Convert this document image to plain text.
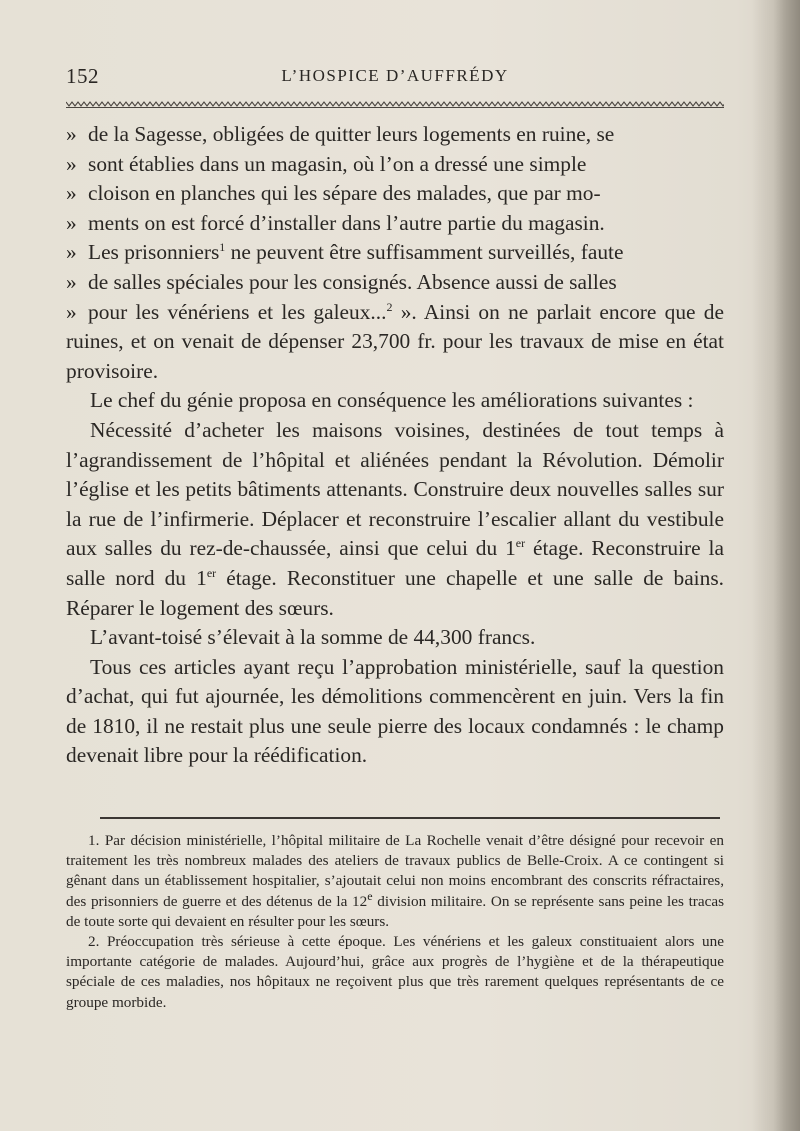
152	L’HOSPICE D’AUFFRÉDY

» de la Sagesse, obligées de quitter leurs logements en ruine, se
» sont établies dans un magasin, où l’on a dressé une simple
» cloison en planches qui les sépare des malades, que par mo-
» ments on est forcé d’installer dans l’autre partie du magasin.
» Les prisonniers$^1$ ne peuvent être suffisamment surveillés, faute
» de salles spéciales pour les consignés. Absence aussi de salles
» pour les vénériens et les galeux...$^2$ ». Ainsi on ne parlait encore que de ruines, et on venait de dépenser 23,700 fr. pour les travaux de mise en état provisoire.

Le chef du génie proposa en conséquence les améliorations suivantes :

Nécessité d’acheter les maisons voisines, destinées de tout temps à l’agrandissement de l’hôpital et aliénées pendant la Révolution. Démolir l’église et les petits bâtiments attenants. Construire deux nouvelles salles sur la rue de l’infirmerie. Déplacer et reconstruire l’escalier allant du vestibule aux salles du rez-de-chaussée, ainsi que celui du 1er étage. Reconstruire la salle nord du 1er étage. Reconstituer une chapelle et une salle de bains. Réparer le logement des sœurs.

L’avant-toisé s’élevait à la somme de 44,300 francs.

Tous ces articles ayant reçu l’approbation ministérielle, sauf la question d’achat, qui fut ajournée, les démolitions commencèrent en juin. Vers la fin de 1810, il ne restait plus une seule pierre des locaux condamnés : le champ devenait libre pour la réédification.

1. Par décision ministérielle, l’hôpital militaire de La Rochelle venait d’être désigné pour recevoir en traitement les très nombreux malades des ateliers de travaux publics de Belle-Croix. A ce contingent si gênant dans un établissement hospitalier, s’ajoutait celui non moins encombrant des conscrits réfractaires, des prisonniers de guerre et des détenus de la 12e division militaire. On se représente sans peine les tracas de toute sorte qui devaient en résulter pour les sœurs.

2. Préoccupation très sérieuse à cette époque. Les vénériens et les galeux constituaient alors une importante catégorie de malades. Aujourd’hui, grâce aux progrès de l’hygiène et de la thérapeutique spéciale de ces maladies, nos hôpitaux ne reçoivent plus que très rarement quelques représentants de ce groupe morbide.
